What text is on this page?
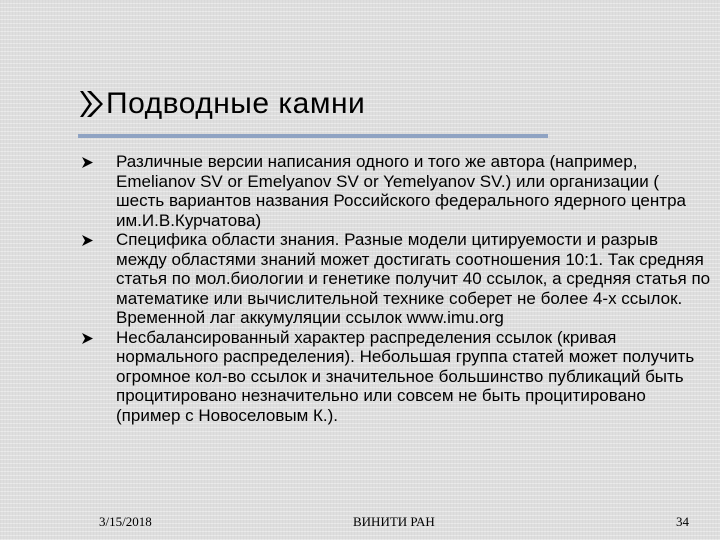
Подводные камни
Различные версии написания одного и того же автора (например, Emelianov SV or Emelyanov SV or Yemelyanov SV.) или организации ( шесть вариантов названия Российского федерального ядерного центра им.И.В.Курчатова)
Специфика области знания. Разные модели цитируемости и разрыв между областями знаний может достигать соотношения 10:1. Так средняя статья по мол.биологии и генетике получит 40 ссылок, а средняя статья по математике или вычислительной технике соберет не более 4-х ссылок. Временной лаг аккумуляции ссылок www.imu.org
Несбалансированный характер распределения ссылок (кривая нормального распределения). Небольшая группа статей может получить огромное кол-во ссылок и значительное большинство публикаций быть процитировано незначительно или совсем не быть процитировано (пример с Новоселовым К.).
3/15/2018	ВИНИТИ РАН	34
